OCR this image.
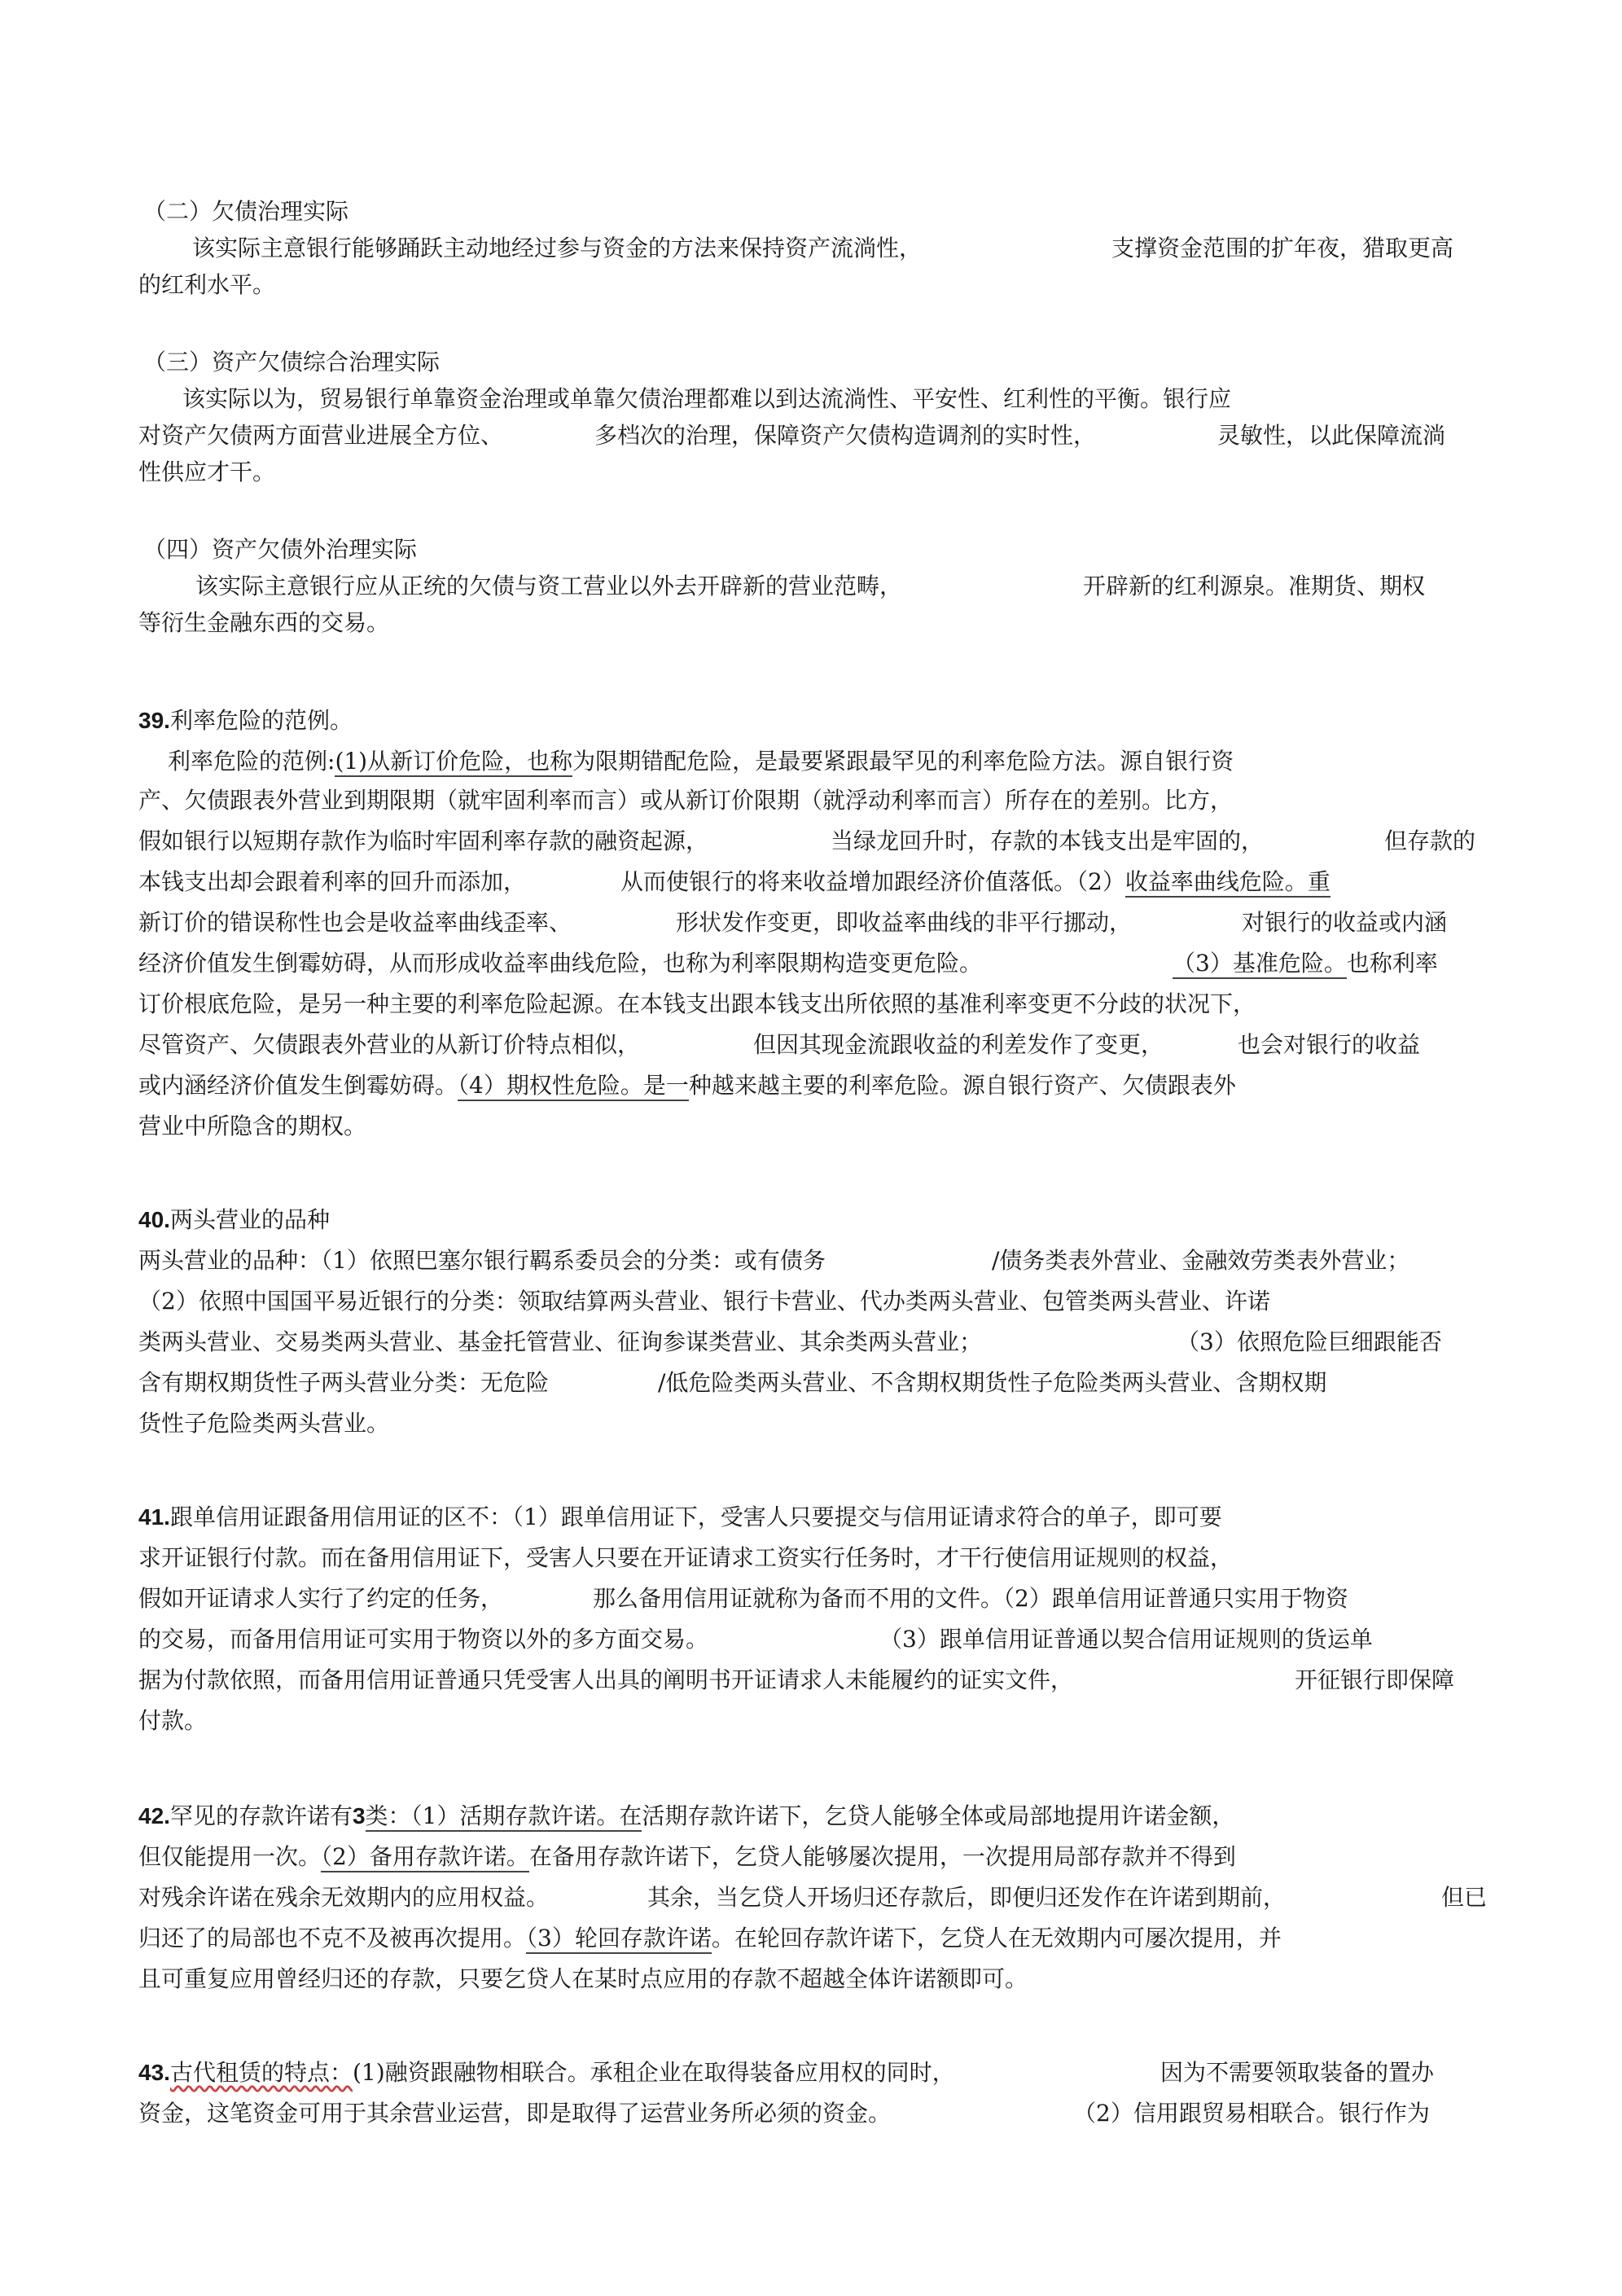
（二）欠债治理实际
该实际主意银行能够踊跃主动地经过参与资金的方法来保持资产流淌性，	支撑资金范围的扩年夜，猎取更高
的红利水平。
（三）资产欠债综合治理实际
该实际以为，贸易银行单靠资金治理或单靠欠债治理都难以到达流淌性、平安性、红利性的平衡。银行应
对资产欠债两方面营业进展全方位、	多档次的治理，保障资产欠债构造调剂的实时性，	灵敏性，以此保障流淌
性供应才干。
（四）资产欠债外治理实际
该实际主意银行应从正统的欠债与资工营业以外去开辟新的营业范畴，	开辟新的红利源泉。准期货、期权
等衍生金融东西的交易。
39.利率危险的范例。
利率危险的范例:(1)从新订价危险，也称为限期错配危险，是最要紧跟最罕见的利率危险方法。源自银行资
产、欠债跟表外营业到期限期（就牢固利率而言）或从新订价限期（就浮动利率而言）所存在的差别。比方，
假如银行以短期存款作为临时牢固利率存款的融资起源，	当绿龙回升时，存款的本钱支出是牢固的，	但存款的
本钱支出却会跟着利率的回升而添加，	从而使银行的将来收益增加跟经济价值落低。（2）收益率曲线危险。重
新订价的错误称性也会是收益率曲线歪率、	形状发作变更，即收益率曲线的非平行挪动，	对银行的收益或内涵
经济价值发生倒霉妨碍，从而形成收益率曲线危险，也称为利率限期构造变更危险。	（3）基准危险。也称利率
订价根底危险，是另一种主要的利率危险起源。在本钱支出跟本钱支出所依照的基准利率变更不分歧的状况下，
尽管资产、欠债跟表外营业的从新订价特点相似，	但因其现金流跟收益的利差发作了变更，	也会对银行的收益
或内涵经济价值发生倒霉妨碍。（4）期权性危险。是一种越来越主要的利率危险。源自银行资产、欠债跟表外
营业中所隐含的期权。
40.两头营业的品种
两头营业的品种：（1）依照巴塞尔银行羁系委员会的分类：或有债务	/债务类表外营业、金融效劳类表外营业；
（2）依照中国国平易近银行的分类：领取结算两头营业、银行卡营业、代办类两头营业、包管类两头营业、许诺
类两头营业、交易类两头营业、基金托管营业、征询参谋类营业、其余类两头营业；	（3）依照危险巨细跟能否
含有期权期货性子两头营业分类：无危险	/低危险类两头营业、不含期权期货性子危险类两头营业、含期权期
货性子危险类两头营业。
41.跟单信用证跟备用信用证的区不：（1）跟单信用证下，受害人只要提交与信用证请求符合的单子，即可要
求开证银行付款。而在备用信用证下，受害人只要在开证请求工资实行任务时，才干行使信用证规则的权益，
假如开证请求人实行了约定的任务，	那么备用信用证就称为备而不用的文件。（2）跟单信用证普通只实用于物资
的交易，而备用信用证可实用于物资以外的多方面交易。	（3）跟单信用证普通以契合信用证规则的货运单
据为付款依照，而备用信用证普通只凭受害人出具的阐明书开证请求人未能履约的证实文件，	开征银行即保障
付款。
42.罕见的存款许诺有3类：（1）活期存款许诺。在活期存款许诺下，乞贷人能够全体或局部地提用许诺金额，
但仅能提用一次。（2）备用存款许诺。在备用存款许诺下，乞贷人能够屡次提用，一次提用局部存款并不得到
对残余许诺在残余无效期内的应用权益。	其余，当乞贷人开场归还存款后，即便归还发作在许诺到期前，	但已
归还了的局部也不克不及被再次提用。（3）轮回存款许诺。在轮回存款许诺下，乞贷人在无效期内可屡次提用，并
且可重复应用曾经归还的存款，只要乞贷人在某时点应用的存款不超越全体许诺额即可。
43.古代租赁的特点：(1)融资跟融物相联合。承租企业在取得装备应用权的同时，	因为不需要领取装备的置办
资金，这笔资金可用于其余营业运营，即是取得了运营业务所必须的资金。	（2）信用跟贸易相联合。银行作为
